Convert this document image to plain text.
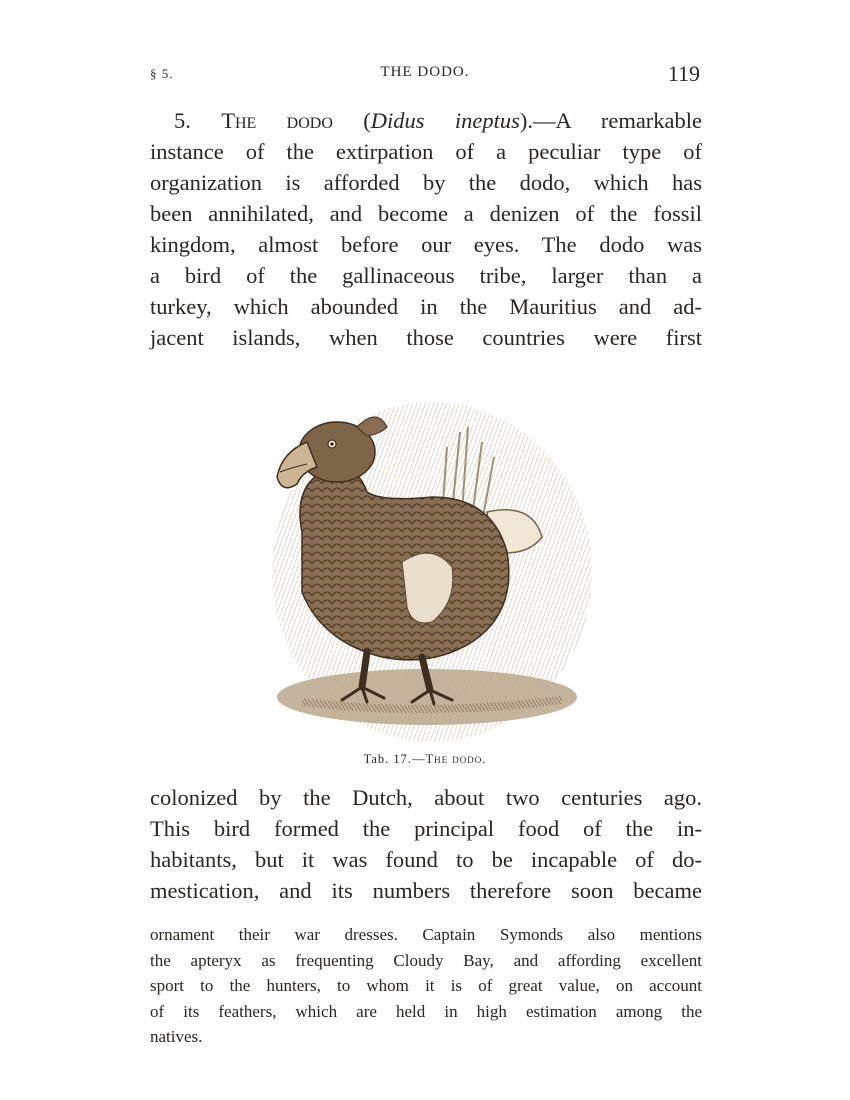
§ 5.	THE DODO.	119
5. The dodo (Didus ineptus).—A remarkable
instance of the extirpation of a peculiar type of
organization is afforded by the dodo, which has
been annihilated, and become a denizen of the fossil
kingdom, almost before our eyes. The dodo was
a bird of the gallinaceous tribe, larger than a
turkey, which abounded in the Mauritius and ad-
jacent islands, when those countries were first
Tab. 17.—The dodo.
colonized by the Dutch, about two centuries ago.
This bird formed the principal food of the in-
habitants, but it was found to be incapable of do-
mestication, and its numbers therefore soon became
ornament their war dresses. Captain Symonds also mentions
the apteryx as frequenting Cloudy Bay, and affording excellent
sport to the hunters, to whom it is of great value, on account
of its feathers, which are held in high estimation among the
natives.
